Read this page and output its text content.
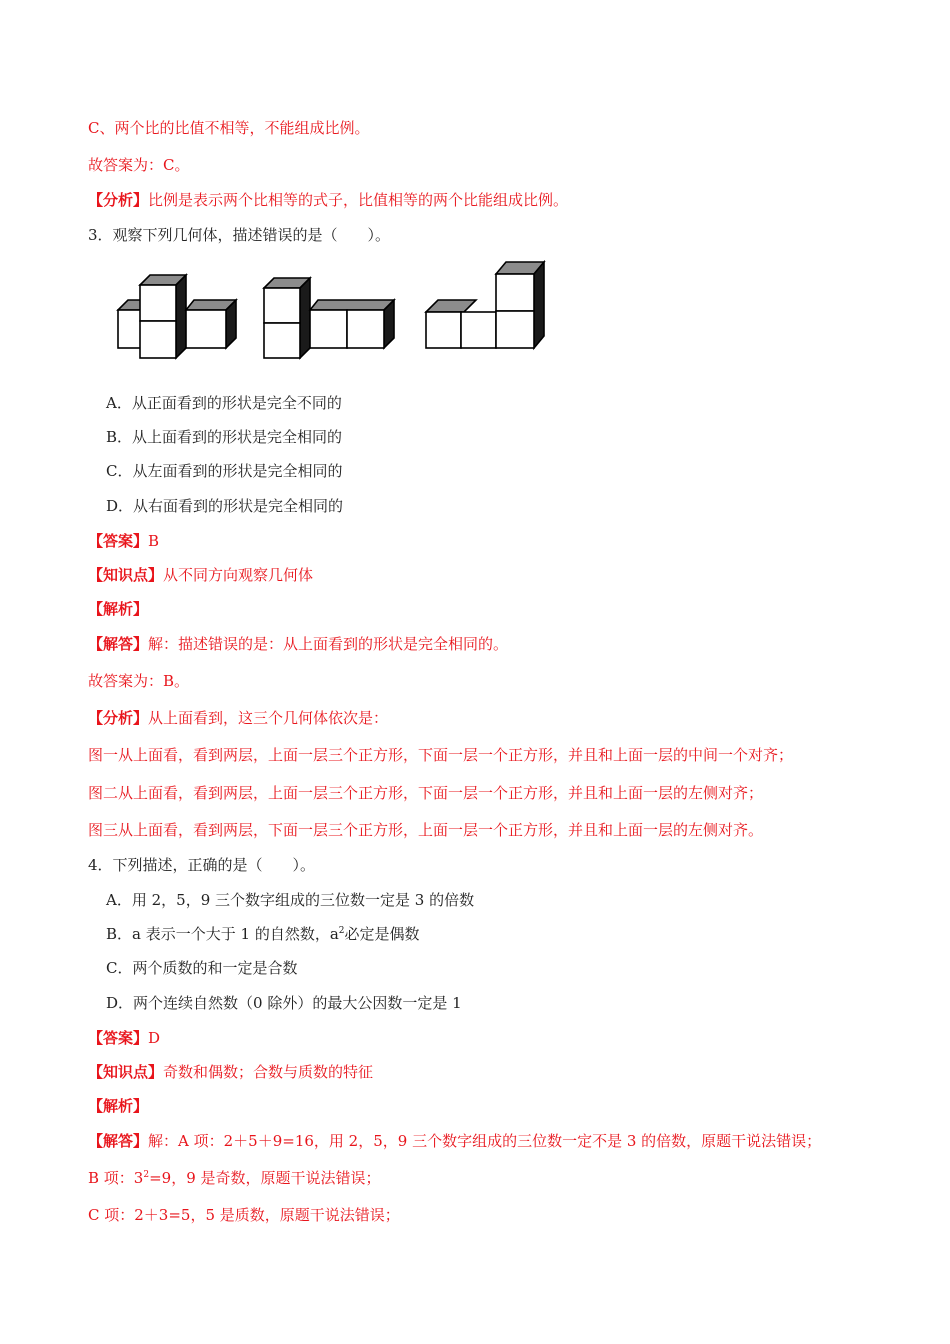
C、两个比的比值不相等，不能组成比例。
故答案为：C。
【分析】比例是表示两个比相等的式子，比值相等的两个比能组成比例。
3．观察下列几何体，描述错误的是（　　）。
A．从正面看到的形状是完全不同的
B．从上面看到的形状是完全相同的
C．从左面看到的形状是完全相同的
D．从右面看到的形状是完全相同的
【答案】B
【知识点】从不同方向观察几何体
【解析】
【解答】解：描述错误的是：从上面看到的形状是完全相同的。
故答案为：B。
【分析】从上面看到，这三个几何体依次是：
图一从上面看，看到两层，上面一层三个正方形，下面一层一个正方形，并且和上面一层的中间一个对齐；
图二从上面看，看到两层，上面一层三个正方形，下面一层一个正方形，并且和上面一层的左侧对齐；
图三从上面看，看到两层，下面一层三个正方形，上面一层一个正方形，并且和上面一层的左侧对齐。
4．下列描述，正确的是（　　）。
A．用 2，5，9 三个数字组成的三位数一定是 3 的倍数
B．a 表示一个大于 1 的自然数，$a^2$必定是偶数
C．两个质数的和一定是合数
D．两个连续自然数（0 除外）的最大公因数一定是 1
【答案】D
【知识点】奇数和偶数；合数与质数的特征
【解析】
【解答】解：A 项：2＋5＋9=16，用 2，5，9 三个数字组成的三位数一定不是 3 的倍数，原题干说法错误；
B 项：$3^2=9$，9 是奇数，原题干说法错误；
C 项：2＋3=5，5 是质数，原题干说法错误；
